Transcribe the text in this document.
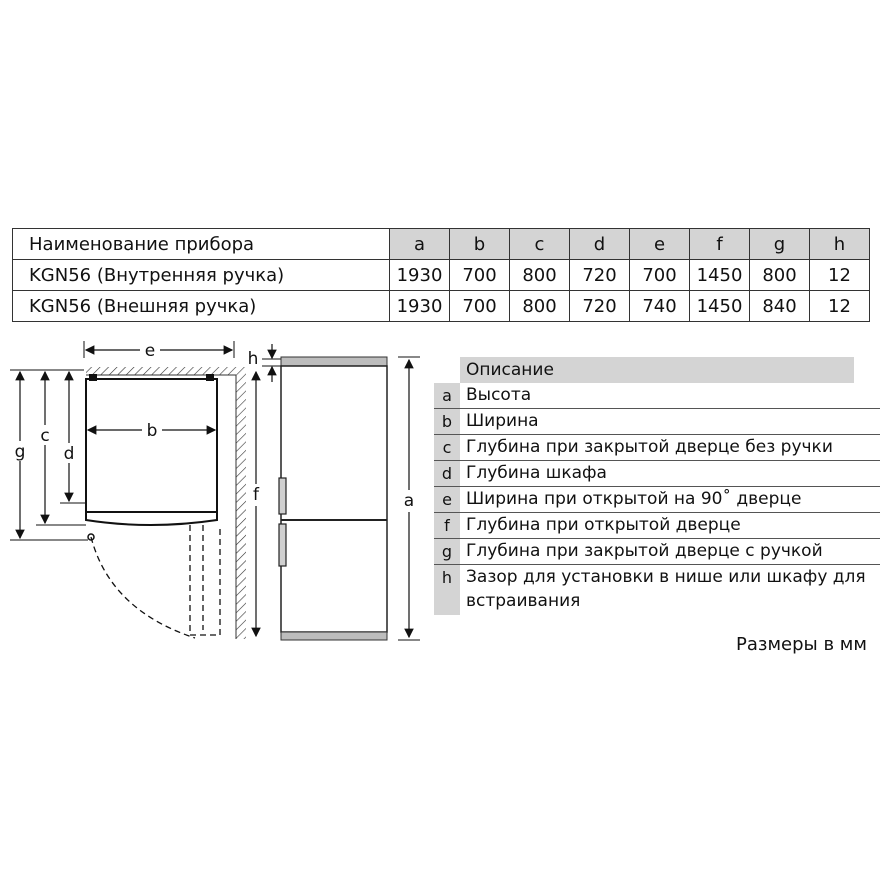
Наименование прибора	a	b	c	d	e	f	g	h
KGN56 (Внутренняя ручка)	1930	700	800	720	700	1450	800	12
KGN56 (Внешняя ручка)	1930	700	800	720	740	1450	840	12
e
b
g
c
d
f
h
a
Описание
a Высота
b Ширина
c Глубина при закрытой дверце без ручки
d Глубина шкафа
e Ширина при открытой на 90˚ дверце
f Глубина при открытой дверце
g Глубина при закрытой дверце с ручкой
h Зазор для установки в нише или шкафу для встраивания
Размеры в мм
